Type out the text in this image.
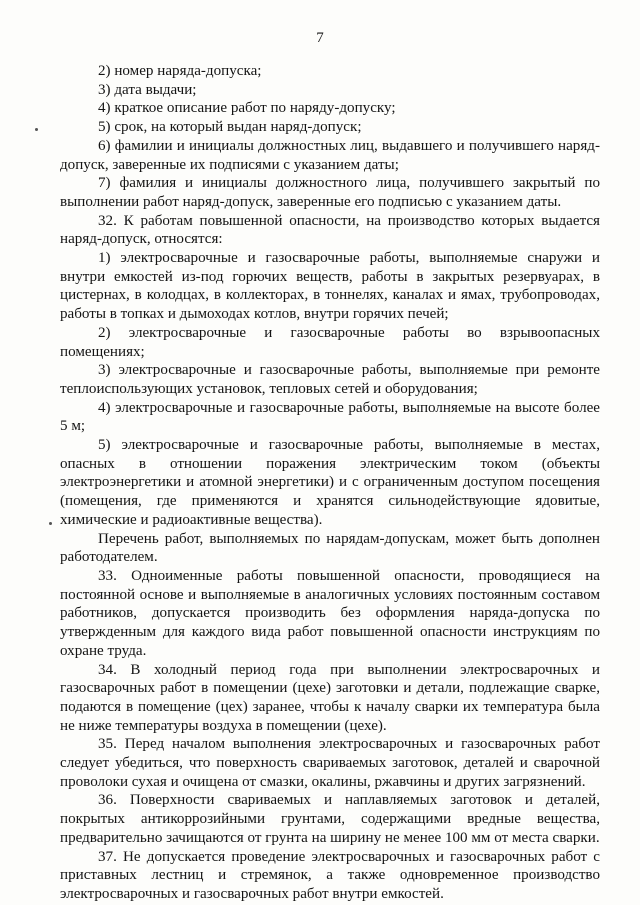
7

2) номер наряда-допуска;

3) дата выдачи;

4) краткое описание работ по наряду-допуску;

5) срок, на который выдан наряд-допуск;

6) фамилии и инициалы должностных лиц, выдавшего и получившего наряд-допуск, заверенные их подписями с указанием даты;

7) фамилия и инициалы должностного лица, получившего закрытый по выполнении работ наряд-допуск, заверенные его подписью с указанием даты.

32. К работам повышенной опасности, на производство которых выдается наряд-допуск, относятся:

1) электросварочные и газосварочные работы, выполняемые снаружи и внутри емкостей из-под горючих веществ, работы в закрытых резервуарах, в цистернах, в колодцах, в коллекторах, в тоннелях, каналах и ямах, трубопроводах, работы в топках и дымоходах котлов, внутри горячих печей;

2) электросварочные и газосварочные работы во взрывоопасных помещениях;

3) электросварочные и газосварочные работы, выполняемые при ремонте теплоиспользующих установок, тепловых сетей и оборудования;

4) электросварочные и газосварочные работы, выполняемые на высоте более 5 м;

5) электросварочные и газосварочные работы, выполняемые в местах, опасных в отношении поражения электрическим током (объекты электроэнергетики и атомной энергетики) и с ограниченным доступом посещения (помещения, где применяются и хранятся сильнодействующие ядовитые, химические и радиоактивные вещества).

Перечень работ, выполняемых по нарядам-допускам, может быть дополнен работодателем.

33. Одноименные работы повышенной опасности, проводящиеся на постоянной основе и выполняемые в аналогичных условиях постоянным составом работников, допускается производить без оформления наряда-допуска по утвержденным для каждого вида работ повышенной опасности инструкциям по охране труда.

34. В холодный период года при выполнении электросварочных и газосварочных работ в помещении (цехе) заготовки и детали, подлежащие сварке, подаются в помещение (цех) заранее, чтобы к началу сварки их температура была не ниже температуры воздуха в помещении (цехе).

35. Перед началом выполнения электросварочных и газосварочных работ следует убедиться, что поверхность свариваемых заготовок, деталей и сварочной проволоки сухая и очищена от смазки, окалины, ржавчины и других загрязнений.

36. Поверхности свариваемых и наплавляемых заготовок и деталей, покрытых антикоррозийными грунтами, содержащими вредные вещества, предварительно зачищаются от грунта на ширину не менее 100 мм от места сварки.

37. Не допускается проведение электросварочных и газосварочных работ с приставных лестниц и стремянок, а также одновременное производство электросварочных и газосварочных работ внутри емкостей.
